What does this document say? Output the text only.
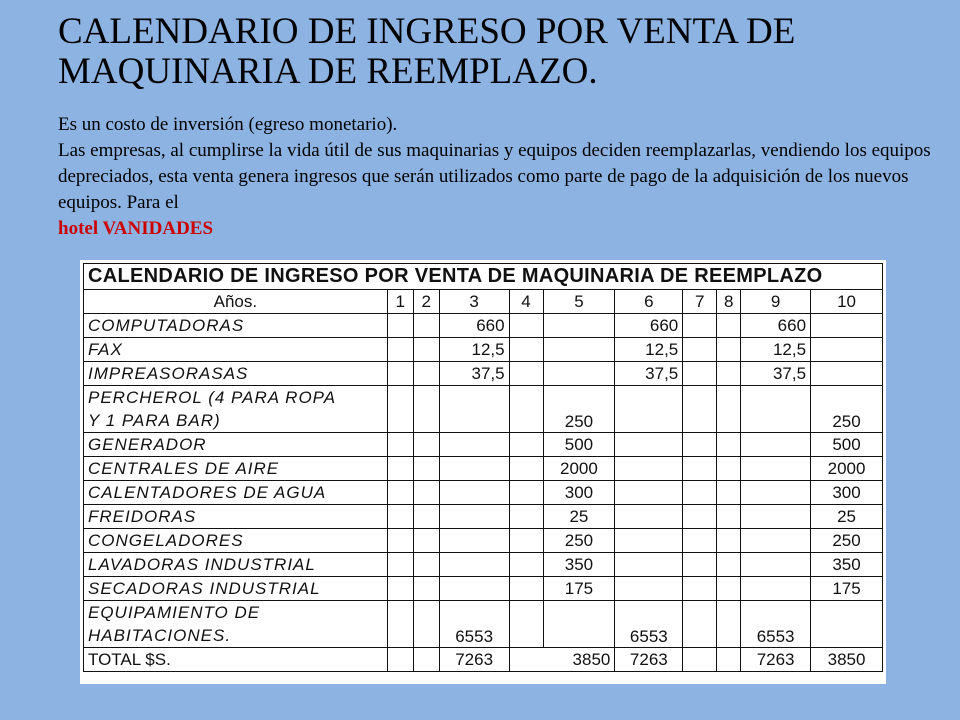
CALENDARIO DE INGRESO POR VENTA DE MAQUINARIA DE REEMPLAZO.
Es un costo de inversión (egreso monetario).
Las empresas, al cumplirse la vida útil de sus maquinarias y equipos deciden reemplazarlas, vendiendo los equipos depreciados, esta venta genera ingresos que serán utilizados como parte de pago de la adquisición de los nuevos equipos. Para el
hotel VANIDADES
CALENDARIO DE INGRESO POR VENTA DE MAQUINARIA DE REEMPLAZO										
Años.	1	2	3	4	5	6	7	8	9	10
COMPUTADORAS			660			660			660	
FAX			12,5			12,5			12,5	
IMPREASORASAS			37,5			37,5			37,5	
PERCHEROL (4 PARA ROPA
Y 1 PARA BAR)					250					250
GENERADOR					500					500
CENTRALES DE AIRE					2000					2000
CALENTADORES DE AGUA					300					300
FREIDORAS					25					25
CONGELADORES					250					250
LAVADORAS INDUSTRIAL					350					350
SECADORAS INDUSTRIAL					175					175
EQUIPAMIENTO DE
HABITACIONES.			6553			6553			6553	
TOTAL $S.			7263	3850		7263			7263	3850
